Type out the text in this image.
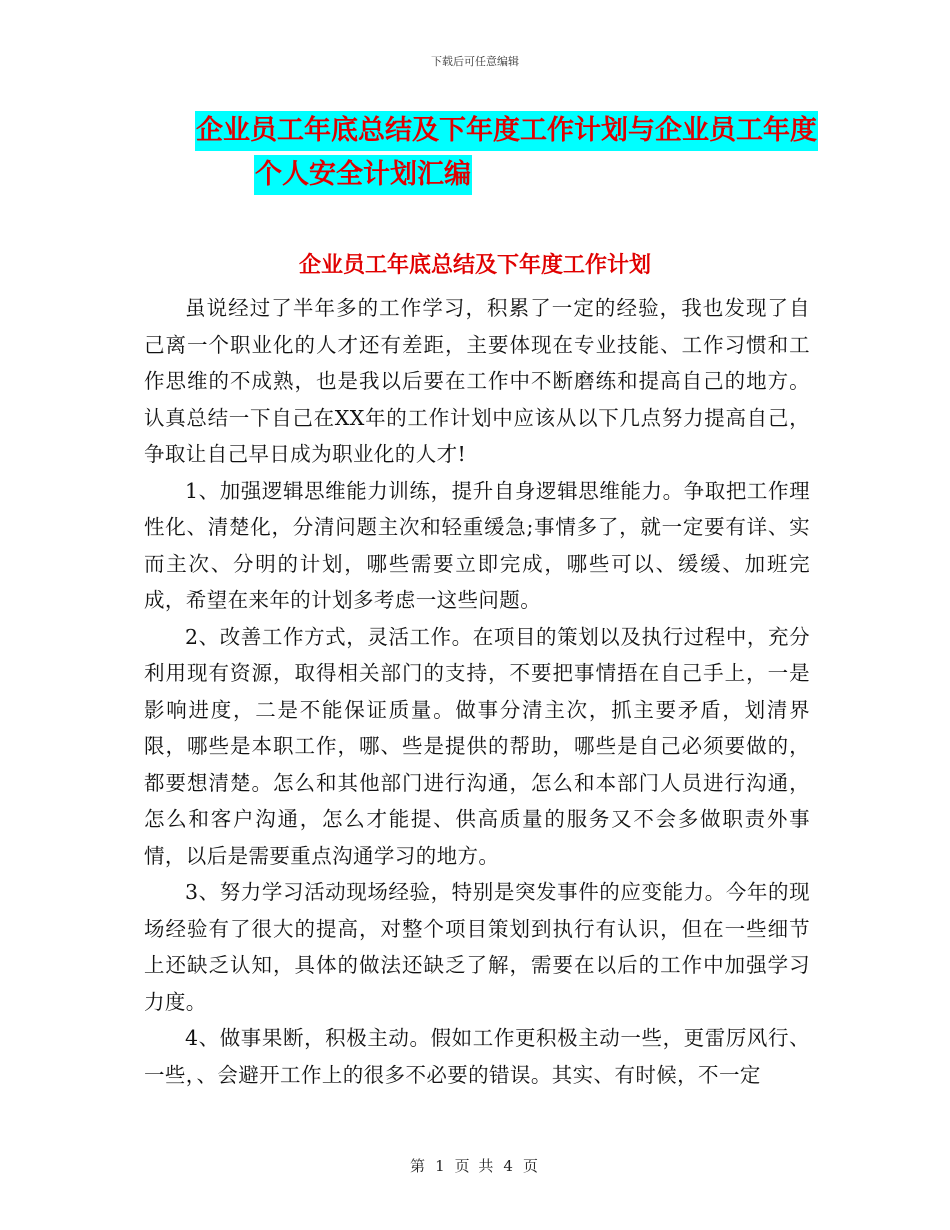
下载后可任意编辑
企业员工年底总结及下年度工作计划与企业员工年度
个人安全计划汇编
企业员工年底总结及下年度工作计划

虽说经过了半年多的工作学习，积累了一定的经验，我也发现了自己离一个职业化的人才还有差距，主要体现在专业技能、工作习惯和工作思维的不成熟，也是我以后要在工作中不断磨练和提高自己的地方。认真总结一下自己在XX年的工作计划中应该从以下几点努力提高自己，争取让自己早日成为职业化的人才!

1、加强逻辑思维能力训练，提升自身逻辑思维能力。争取把工作理性化、清楚化，分清问题主次和轻重缓急;事情多了，就一定要有详、实而主次、分明的计划，哪些需要立即完成，哪些可以、缓缓、加班完成，希望在来年的计划多考虑一这些问题。

2、改善工作方式，灵活工作。在项目的策划以及执行过程中，充分利用现有资源，取得相关部门的支持，不要把事情捂在自己手上，一是影响进度，二是不能保证质量。做事分清主次，抓主要矛盾，划清界限，哪些是本职工作，哪、些是提供的帮助，哪些是自己必须要做的，都要想清楚。怎么和其他部门进行沟通，怎么和本部门人员进行沟通，怎么和客户沟通，怎么才能提、供高质量的服务又不会多做职责外事情，以后是需要重点沟通学习的地方。

3、努力学习活动现场经验，特别是突发事件的应变能力。今年的现场经验有了很大的提高，对整个项目策划到执行有认识，但在一些细节上还缺乏认知，具体的做法还缺乏了解，需要在以后的工作中加强学习力度。

4、做事果断，积极主动。假如工作更积极主动一些，更雷厉风行、一些，、会避开工作上的很多不必要的错误。其实、有时候，不一定

第 1 页 共 4 页
